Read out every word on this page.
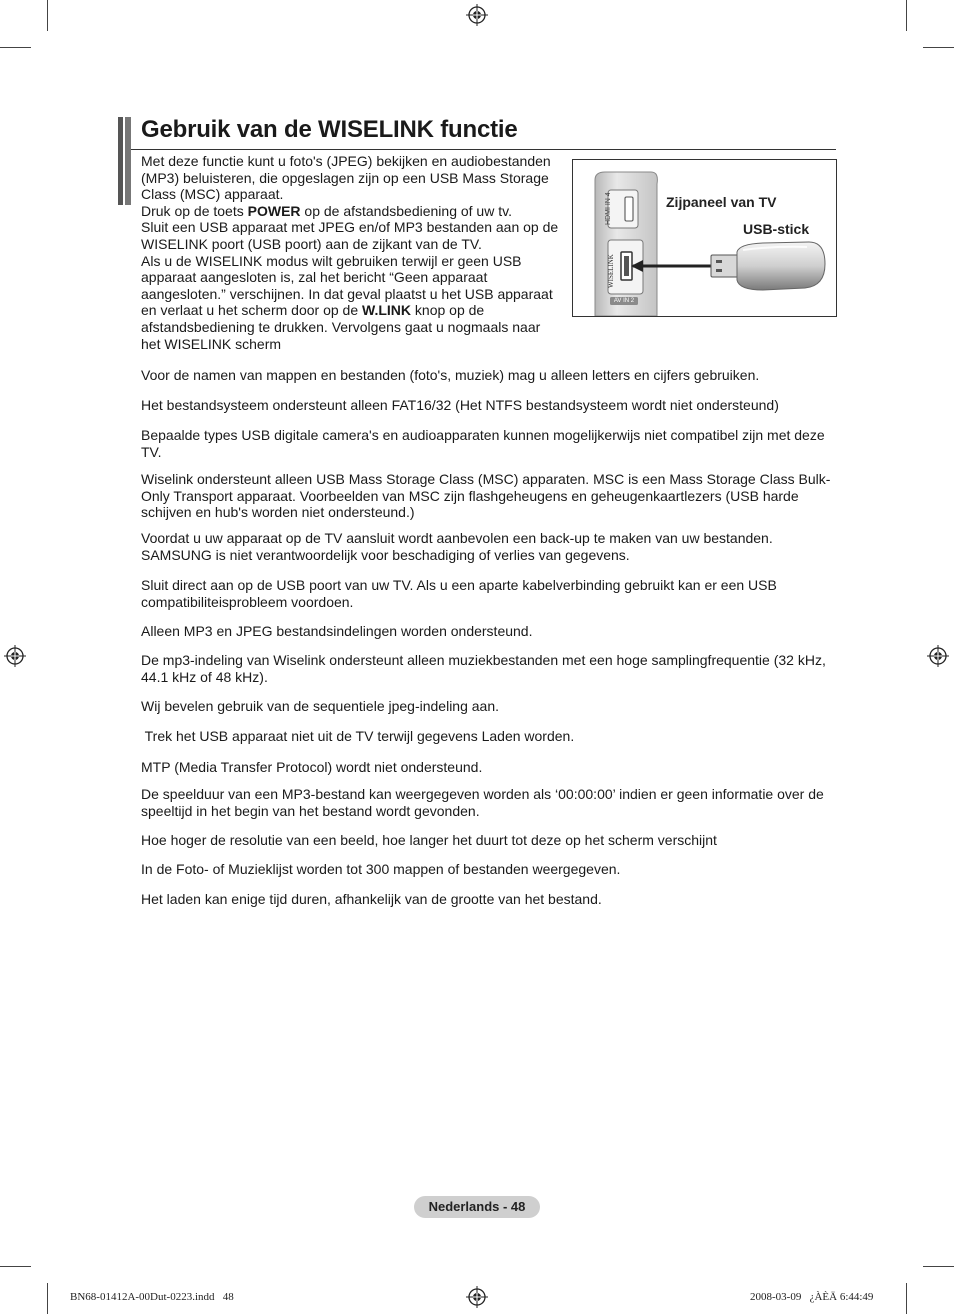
Gebruik van de WISELINK functie

Met deze functie kunt u foto's (JPEG) bekijken en audiobestanden (MP3) beluisteren, die opgeslagen zijn op een USB Mass Storage Class (MSC) apparaat.

Druk op de toets POWER op de afstandsbediening of uw tv.

Sluit een USB apparaat met JPEG en/of MP3 bestanden aan op de WISELINK poort (USB poort) aan de zijkant van de TV.

Als u de WISELINK modus wilt gebruiken terwijl er geen USB apparaat aangesloten is, zal het bericht “Geen apparaat aangesloten.” verschijnen. In dat geval plaatst u het USB apparaat en verlaat u het scherm door op de W.LINK knop op de afstandsbediening te drukken. Vervolgens gaat u nogmaals naar het WISELINK scherm

HDMI IN 4
WISELINK
AV IN 2
Zijpaneel van TV
USB-stick

Voor de namen van mappen en bestanden (foto's, muziek) mag u alleen letters en cijfers gebruiken.

Het bestandsysteem ondersteunt alleen FAT16/32 (Het NTFS bestandsysteem wordt niet ondersteund)

Bepaalde types USB digitale camera's en audioapparaten kunnen mogelijkerwijs niet compatibel zijn met deze TV.

Wiselink ondersteunt alleen USB Mass Storage Class (MSC) apparaten. MSC is een Mass Storage Class Bulk-Only Transport apparaat. Voorbeelden van MSC zijn flashgeheugens en geheugenkaartlezers (USB harde schijven en hub's worden niet ondersteund.)

Voordat u uw apparaat op de TV aansluit wordt aanbevolen een back-up te maken van uw bestanden. SAMSUNG is niet verantwoordelijk voor beschadiging of verlies van gegevens.

Sluit direct aan op de USB poort van uw TV. Als u een aparte kabelverbinding gebruikt kan er een USB compatibiliteisprobleem voordoen.

Alleen MP3 en JPEG bestandsindelingen worden ondersteund.

De mp3-indeling van Wiselink ondersteunt alleen muziekbestanden met een hoge samplingfrequentie (32 kHz, 44.1 kHz of 48 kHz).

Wij bevelen gebruik van de sequentiele jpeg-indeling aan.

Trek het USB apparaat niet uit de TV terwijl gegevens Laden worden.

MTP (Media Transfer Protocol) wordt niet ondersteund.

De speelduur van een MP3-bestand kan weergegeven worden als ‘00:00:00’ indien er geen informatie over de speeltijd in het begin van het bestand wordt gevonden.

Hoe hoger de resolutie van een beeld, hoe langer het duurt tot deze op het scherm verschijnt

In de Foto- of Muzieklijst worden tot 300 mappen of bestanden weergegeven.

Het laden kan enige tijd duren, afhankelijk van de grootte van het bestand.

Nederlands - 48
BN68-01412A-00Dut-0223.indd   48	2008-03-09   ¿ÀÈÄ 6:44:49
